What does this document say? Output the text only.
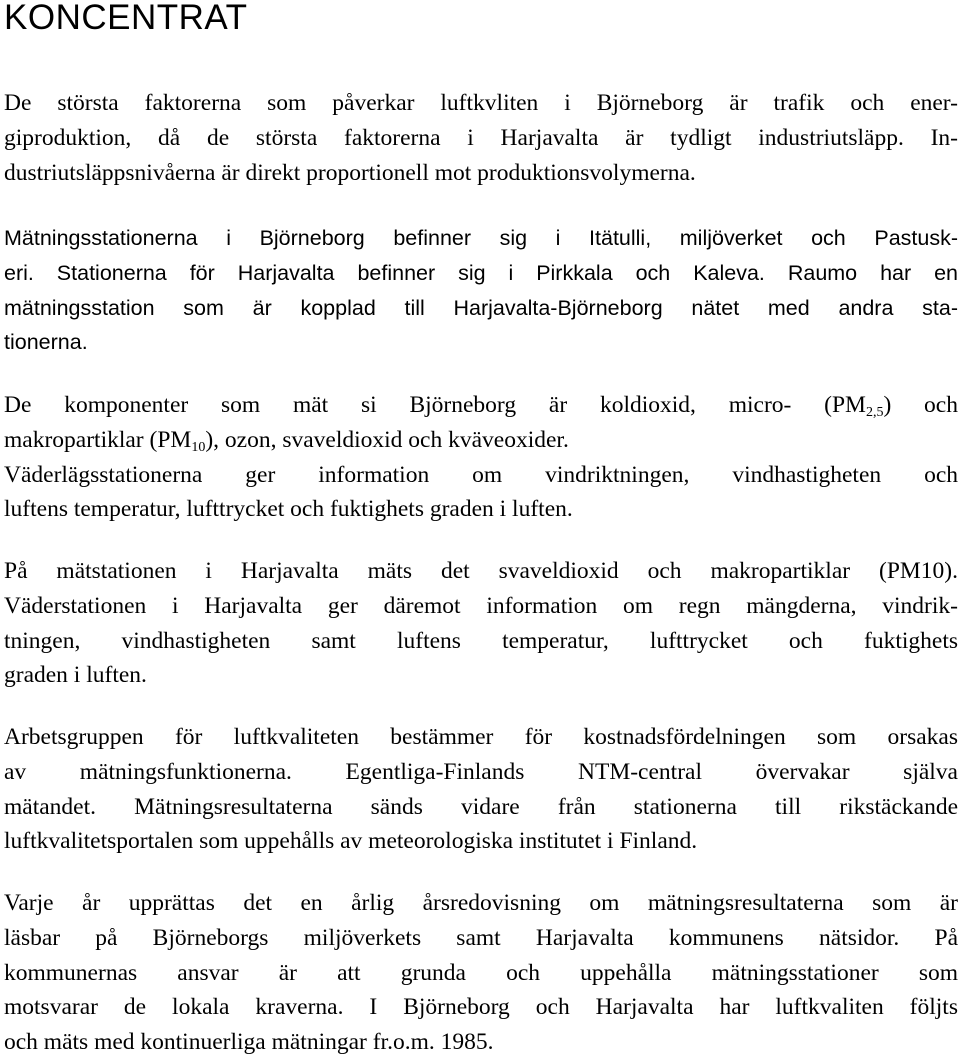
KONCENTRAT
De största faktorerna som påverkar luftkvliten i Björneborg är trafik och ener-
giproduktion, då de största faktorerna i Harjavalta är tydligt industriutsläpp. In-
dustriutsläppsnivåerna är direkt proportionell mot produktionsvolymerna.
Mätningsstationerna i Björneborg befinner sig i Itätulli, miljöverket och Pastusk-
eri. Stationerna för Harjavalta befinner sig i Pirkkala och Kaleva. Raumo har en
mätningsstation som är kopplad till Harjavalta-Björneborg nätet med andra sta-
tionerna.
De komponenter som mät si Björneborg är koldioxid, micro- $(PM_{2,5})$ och
makropartiklar $(PM_{10})$, ozon, svaveldioxid och kväveoxider.
Väderlägsstationerna ger information om vindriktningen, vindhastigheten och
luftens temperatur, lufttrycket och fuktighets graden i luften.
På mätstationen i Harjavalta mäts det svaveldioxid och makropartiklar (PM10).
Väderstationen i Harjavalta ger däremot information om regn mängderna, vindrik-
tningen, vindhastigheten samt luftens temperatur, lufttrycket och fuktighets
graden i luften.
Arbetsgruppen för luftkvaliteten bestämmer för kostnadsfördelningen som orsakas
av mätningsfunktionerna. Egentliga-Finlands NTM-central övervakar själva
mätandet. Mätningsresultaterna sänds vidare från stationerna till rikstäckande
luftkvalitetsportalen som uppehålls av meteorologiska institutet i Finland.
Varje år upprättas det en årlig årsredovisning om mätningsresultaterna som är
läsbar på Björneborgs miljöverkets samt Harjavalta kommunens nätsidor. På
kommunernas ansvar är att grunda och uppehålla mätningsstationer som
motsvarar de lokala kraverna. I Björneborg och Harjavalta har luftkvaliten följts
och mäts med kontinuerliga mätningar fr.o.m. 1985.
